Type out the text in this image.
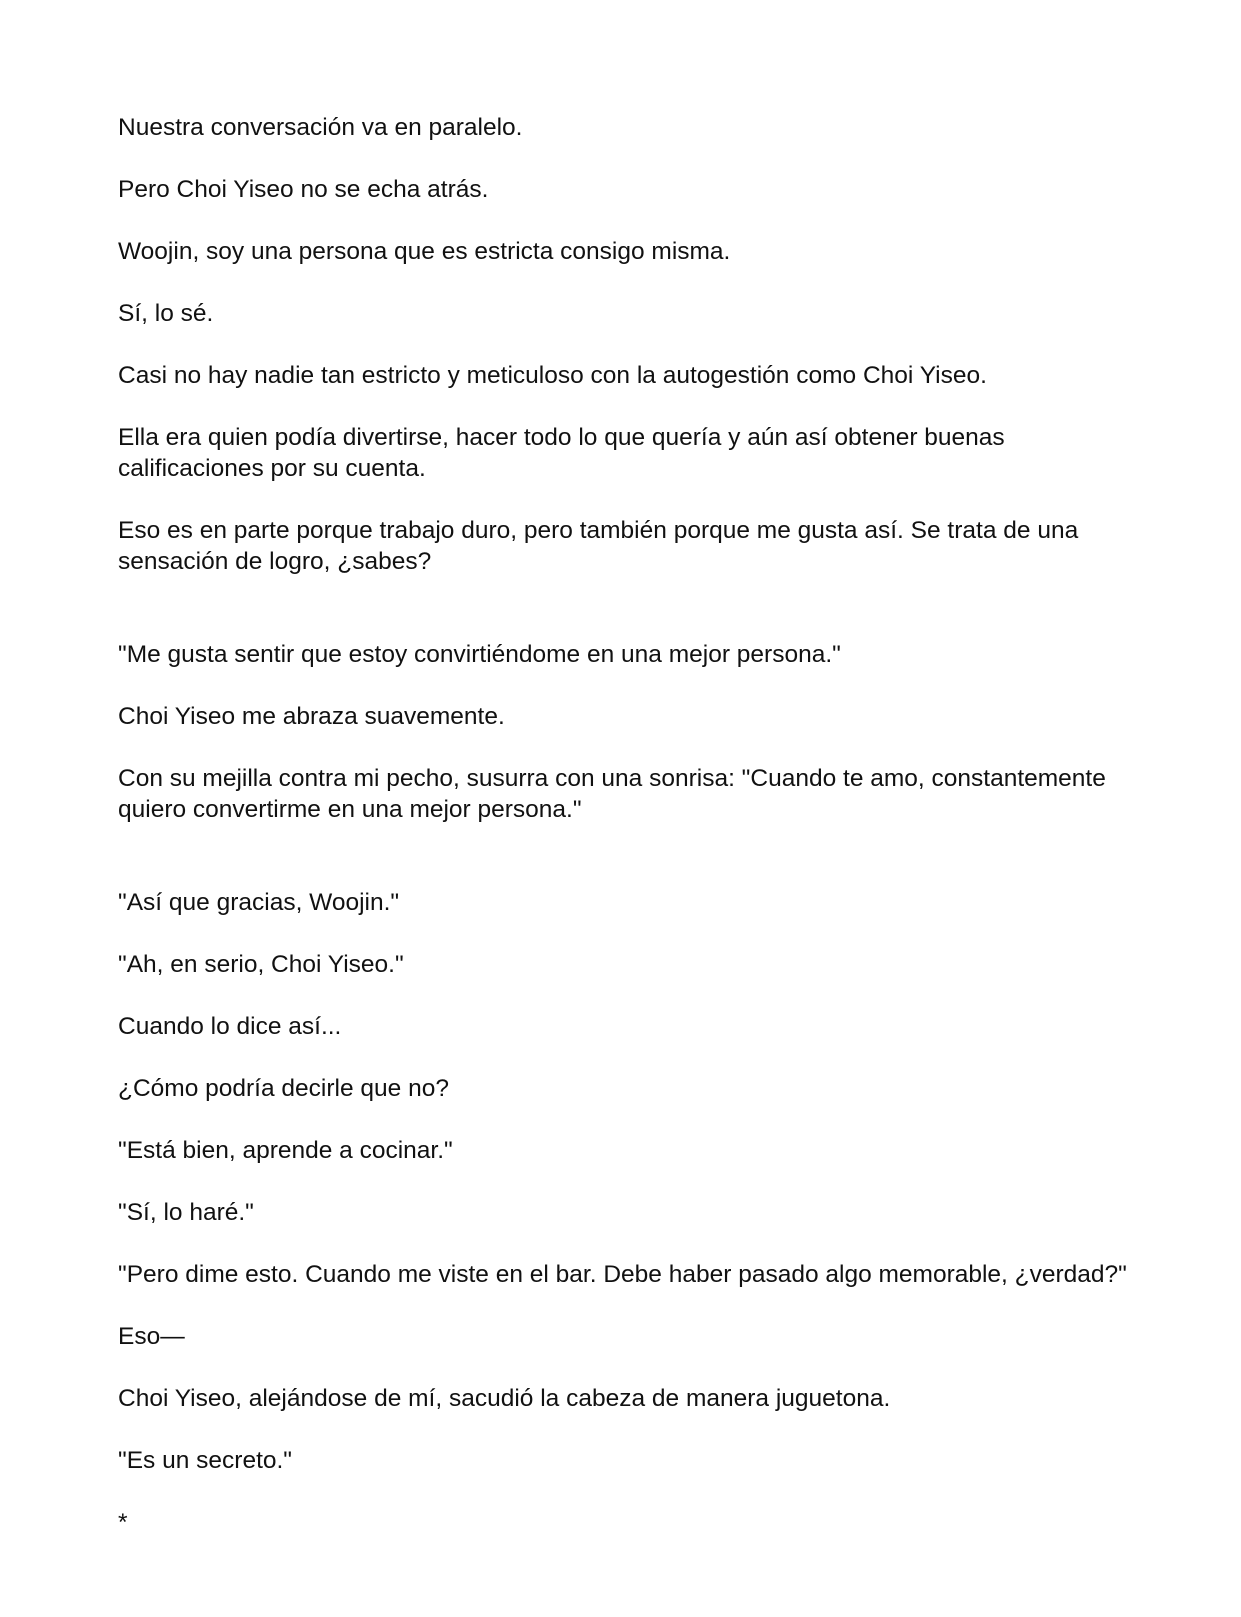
Nuestra conversación va en paralelo.

Pero Choi Yiseo no se echa atrás.

Woojin, soy una persona que es estricta consigo misma.

Sí, lo sé.

Casi no hay nadie tan estricto y meticuloso con la autogestión como Choi Yiseo.

Ella era quien podía divertirse, hacer todo lo que quería y aún así obtener buenas calificaciones por su cuenta.

Eso es en parte porque trabajo duro, pero también porque me gusta así. Se trata de una sensación de logro, ¿sabes?

"Me gusta sentir que estoy convirtiéndome en una mejor persona."

Choi Yiseo me abraza suavemente.

Con su mejilla contra mi pecho, susurra con una sonrisa: "Cuando te amo, constantemente quiero convertirme en una mejor persona."

"Así que gracias, Woojin."

"Ah, en serio, Choi Yiseo."

Cuando lo dice así...

¿Cómo podría decirle que no?

"Está bien, aprende a cocinar."

"Sí, lo haré."

"Pero dime esto. Cuando me viste en el bar. Debe haber pasado algo memorable, ¿verdad?"

Eso—

Choi Yiseo, alejándose de mí, sacudió la cabeza de manera juguetona.

"Es un secreto."

*
